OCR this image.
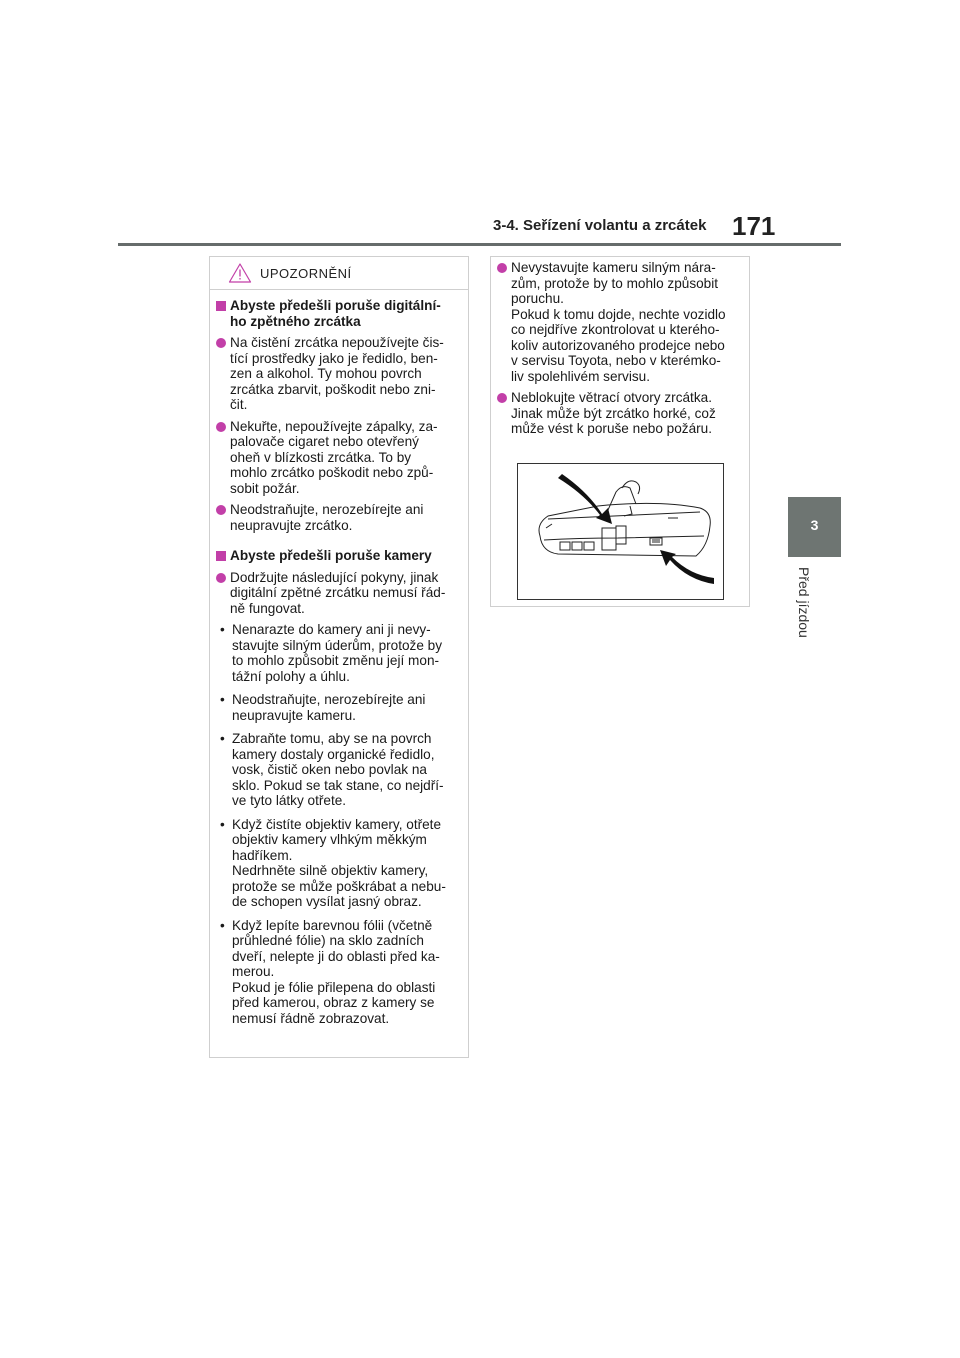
3-4. Seřízení volantu a zrcátek 171
3
Před jízdou
UPOZORNĚNÍ
Abyste předešli poruše digitální-
ho zpětného zrcátka
Na čistění zrcátka nepoužívejte čis-
tící prostředky jako je ředidlo, ben-
zen a alkohol. Ty mohou povrch
zrcátka zbarvit, poškodit nebo zni-
čit.
Nekuřte, nepoužívejte zápalky, za-
palovače cigaret nebo otevřený
oheň v blízkosti zrcátka. To by
mohlo zrcátko poškodit nebo způ-
sobit požár.
Neodstraňujte, nerozebírejte ani
neupravujte zrcátko.
Abyste předešli poruše kamery
Dodržujte následující pokyny, jinak
digitální zpětné zrcátku nemusí řád-
ně fungovat.
• Nenarazte do kamery ani ji nevy-
stavujte silným úderům, protože by
to mohlo způsobit změnu její mon-
tážní polohy a úhlu.
• Neodstraňujte, nerozebírejte ani
neupravujte kameru.
• Zabraňte tomu, aby se na povrch
kamery dostaly organické ředidlo,
vosk, čistič oken nebo povlak na
sklo. Pokud se tak stane, co nejdří-
ve tyto látky otřete.
• Když čistíte objektiv kamery, otřete
objektiv kamery vlhkým měkkým
hadříkem.
Nedrhněte silně objektiv kamery,
protože se může poškrábat a nebu-
de schopen vysílat jasný obraz.
• Když lepíte barevnou fólii (včetně
průhledné fólie) na sklo zadních
dveří, nelepte ji do oblasti před ka-
merou.
Pokud je fólie přilepena do oblasti
před kamerou, obraz z kamery se
nemusí řádně zobrazovat.
Nevystavujte kameru silným nára-
zům, protože by to mohlo způsobit
poruchu.
Pokud k tomu dojde, nechte vozidlo
co nejdříve zkontrolovat u kterého-
koliv autorizovaného prodejce nebo
v servisu Toyota, nebo v kterémko-
liv spolehlivém servisu.
Neblokujte větrací otvory zrcátka.
Jinak může být zrcátko horké, což
může vést k poruše nebo požáru.
